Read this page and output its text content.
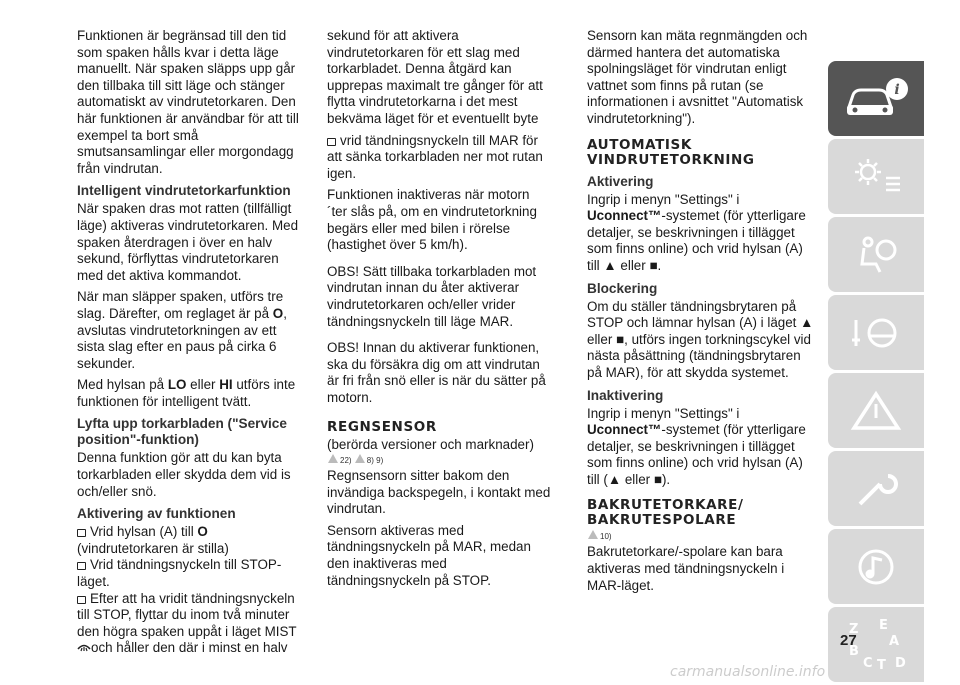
Funktionen är begränsad till den tid som spaken hålls kvar i detta läge manuellt. När spaken släpps upp går den tillbaka till sitt läge och stänger automatiskt av vindrutetorkaren. Den här funktionen är användbar för att till exempel ta bort små smutsansamlingar eller morgondagg från vindrutan.

Intelligent vindrutetorkarfunktion

När spaken dras mot ratten (tillfälligt läge) aktiveras vindrutetorkaren. Med spaken återdragen i över en halv sekund, förflyttas vindrutetorkaren med det aktiva kommandot.

När man släpper spaken, utförs tre slag. Därefter, om reglaget är på O, avslutas vindrutetorkningen av ett sista slag efter en paus på cirka 6 sekunder.

Med hylsan på LO eller HI utförs inte funktionen för intelligent tvätt.

Lyfta upp torkarbladen ("Service position"-funktion)

Denna funktion gör att du kan byta torkarbladen eller skydda dem vid is och/eller snö.

Aktivering av funktionen

Vrid hylsan (A) till O (vindrutetorkaren är stilla)

Vrid tändningsnyckeln till STOP-läget.

Efter att ha vridit tändningsnyckeln till STOP, flyttar du inom två minuter den högra spaken uppåt i läget MIST och håller den där i minst en halv

sekund för att aktivera vindrutetorkaren för ett slag med torkarbladet. Denna åtgärd kan upprepas maximalt tre gånger för att flytta vindrutetorkarna i det mest bekväma läget för et eventuellt byte

vrid tändningsnyckeln till MAR för att sänka torkarbladen ner mot rutan igen.

Funktionen inaktiveras när motorn ´ter slås på, om en vindrutetorkning begärs eller med bilen i rörelse (hastighet över 5 km/h).

OBS! Sätt tillbaka torkarbladen mot vindrutan innan du åter aktiverar vindrutetorkaren och/eller vrider tändningsnyckeln till läge MAR.

OBS! Innan du aktiverar funktionen, ska du försäkra dig om att vindrutan är fri från snö eller is när du sätter på motorn.

REGNSENSOR

(berörda versioner och marknader)

22) 8) 9)

Regnsensorn sitter bakom den invändiga backspegeln, i kontakt med vindrutan.

Sensorn aktiveras med tändningsnyckeln på MAR, medan den inaktiveras med tändningsnyckeln på STOP.

Sensorn kan mäta regnmängden och därmed hantera det automatiska spolningsläget för vindrutan enligt vattnet som finns på rutan (se informationen i avsnittet "Automatisk vindrutetorkning").

AUTOMATISK
VINDRUTETORKNING
Aktivering

Ingrip i menyn "Settings" i Uconnect™-systemet (för ytterligare detaljer, se beskrivningen i tillägget som finns online) och vrid hylsan (A) till ▲ eller ■.

Blockering

Om du ställer tändningsbrytaren på STOP och lämnar hylsan (A) i läget ▲ eller ■, utförs ingen torkningscykel vid nästa påsättning (tändningsbrytaren på MAR), för att skydda systemet.

Inaktivering

Ingrip i menyn "Settings" i Uconnect™-systemet (för ytterligare detaljer, se beskrivningen i tillägget som finns online) och vrid hylsan (A) till (▲ eller ■).

BAKRUTETORKARE/
BAKRUTESPOLARE
10)

Bakrutetorkare/-spolare kan bara aktiveras med tändningsnyckeln i MAR-läget.

i
Z E
B
A
C T D
27
carmanualsonline.info
